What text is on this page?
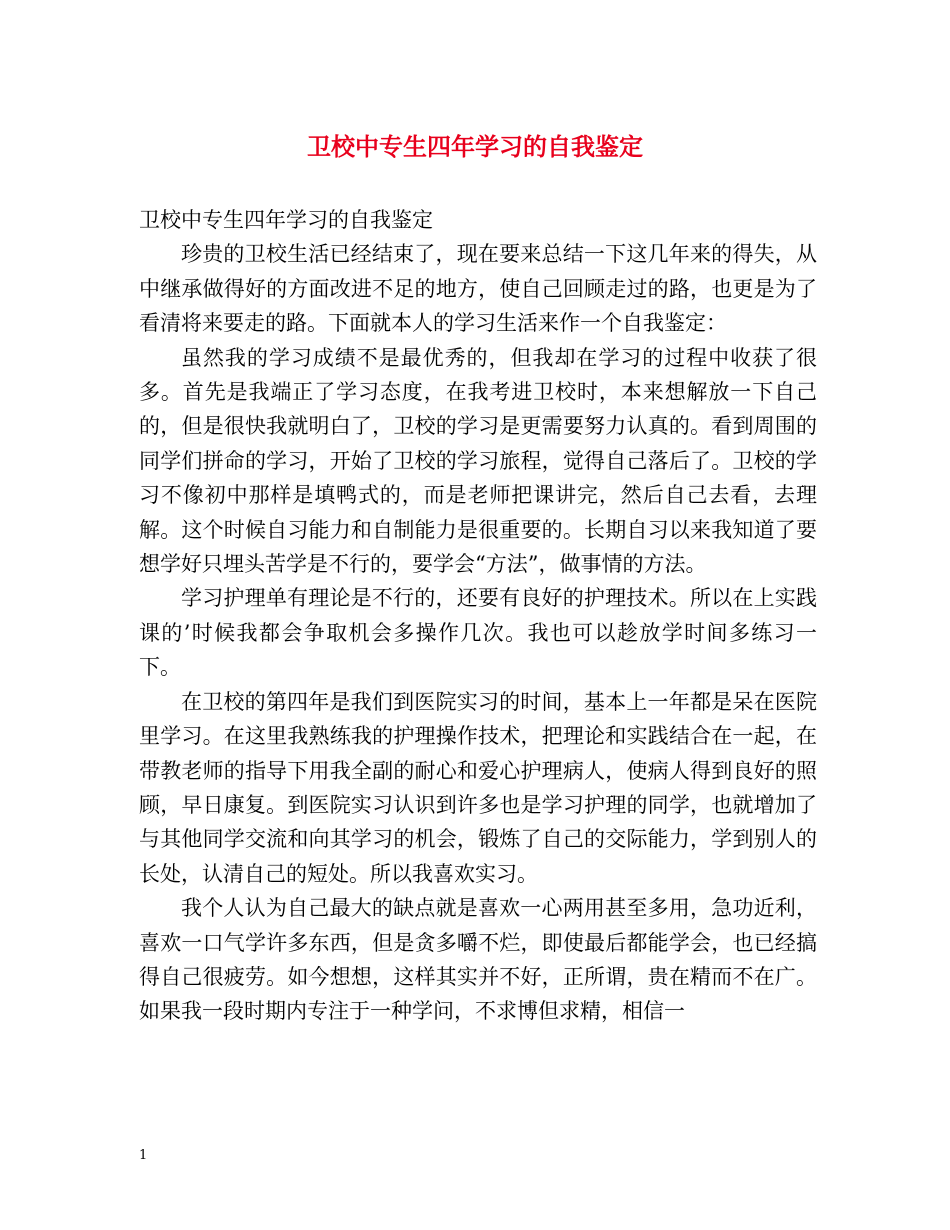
卫校中专生四年学习的自我鉴定

卫校中专生四年学习的自我鉴定

珍贵的卫校生活已经结束了，现在要来总结一下这几年来的得失，从中继承做得好的方面改进不足的地方，使自己回顾走过的路，也更是为了看清将来要走的路。下面就本人的学习生活来作一个自我鉴定：

虽然我的学习成绩不是最优秀的，但我却在学习的过程中收获了很多。首先是我端正了学习态度，在我考进卫校时，本来想解放一下自己的，但是很快我就明白了，卫校的学习是更需要努力认真的。看到周围的同学们拼命的学习，开始了卫校的学习旅程，觉得自己落后了。卫校的学习不像初中那样是填鸭式的，而是老师把课讲完，然后自己去看，去理解。这个时候自习能力和自制能力是很重要的。长期自习以来我知道了要想学好只埋头苦学是不行的，要学会“方法”，做事情的方法。

学习护理单有理论是不行的，还要有良好的护理技术。所以在上实践课的’时候我都会争取机会多操作几次。我也可以趁放学时间多练习一下。

在卫校的第四年是我们到医院实习的时间，基本上一年都是呆在医院里学习。在这里我熟练我的护理操作技术，把理论和实践结合在一起，在带教老师的指导下用我全副的耐心和爱心护理病人，使病人得到良好的照顾，早日康复。到医院实习认识到许多也是学习护理的同学，也就增加了与其他同学交流和向其学习的机会，锻炼了自己的交际能力，学到别人的长处，认清自己的短处。所以我喜欢实习。

我个人认为自己最大的缺点就是喜欢一心两用甚至多用，急功近利，喜欢一口气学许多东西，但是贪多嚼不烂，即使最后都能学会，也已经搞得自己很疲劳。如今想想，这样其实并不好，正所谓，贵在精而不在广。如果我一段时期内专注于一种学问，不求博但求精，相信一

1
